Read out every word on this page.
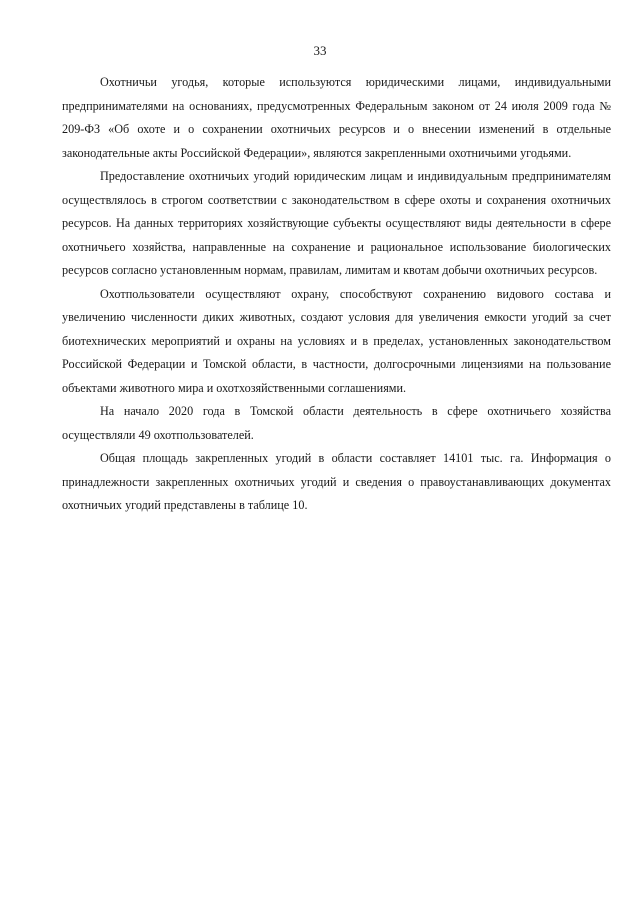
33

Охотничьи угодья, которые используются юридическими лицами, индивидуальными предпринимателями на основаниях, предусмотренных Федеральным законом от 24 июля 2009 года № 209-ФЗ «Об охоте и о сохранении охотничьих ресурсов и о внесении изменений в отдельные законодательные акты Российской Федерации», являются закрепленными охотничьими угодьями.

Предоставление охотничьих угодий юридическим лицам и индивидуальным предпринимателям осуществлялось в строгом соответствии с законодательством в сфере охоты и сохранения охотничьих ресурсов. На данных территориях хозяйствующие субъекты осуществляют виды деятельности в сфере охотничьего хозяйства, направленные на сохранение и рациональное использование биологических ресурсов согласно установленным нормам, правилам, лимитам и квотам добычи охотничьих ресурсов.

Охотпользователи осуществляют охрану, способствуют сохранению видового состава и увеличению численности диких животных, создают условия для увеличения емкости угодий за счет биотехнических мероприятий и охраны на условиях и в пределах, установленных законодательством Российской Федерации и Томской области, в частности, долгосрочными лицензиями на пользование объектами животного мира и охотхозяйственными соглашениями.

На начало 2020 года в Томской области деятельность в сфере охотничьего хозяйства осуществляли 49 охотпользователей.

Общая площадь закрепленных угодий в области составляет 14101 тыс. га. Информация о принадлежности закрепленных охотничьих угодий и сведения о правоустанавливающих документах охотничьих угодий представлены в таблице 10.
